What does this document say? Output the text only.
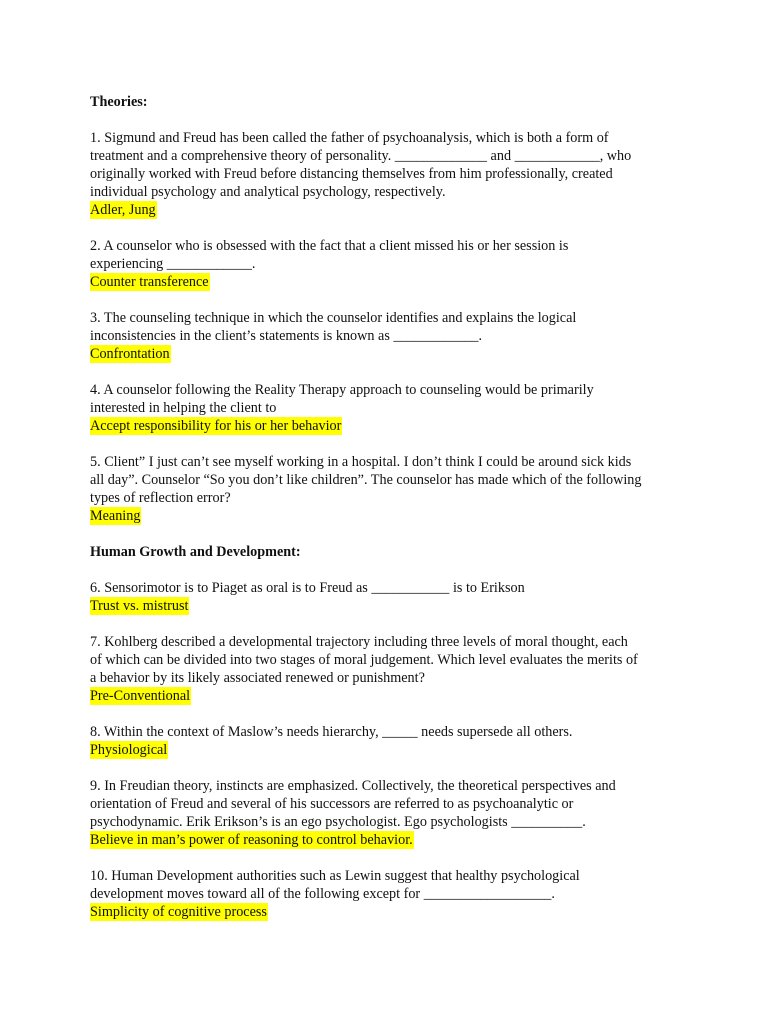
Theories:

1. Sigmund and Freud has been called the father of psychoanalysis, which is both a form of
treatment and a comprehensive theory of personality. _____________ and ____________, who
originally worked with Freud before distancing themselves from him professionally, created
individual psychology and analytical psychology, respectively.
Adler, Jung
2. A counselor who is obsessed with the fact that a client missed his or her session is
experiencing ____________.
Counter transference
3. The counseling technique in which the counselor identifies and explains the logical
inconsistencies in the client’s statements is known as ____________.
Confrontation
4. A counselor following the Reality Therapy approach to counseling would be primarily
interested in helping the client to
Accept responsibility for his or her behavior
5. Client” I just can’t see myself working in a hospital. I don’t think I could be around sick kids
all day”. Counselor “So you don’t like children”. The counselor has made which of the following
types of reflection error?
Meaning

Human Growth and Development:

6. Sensorimotor is to Piaget as oral is to Freud as ___________ is to Erikson
Trust vs. mistrust
7. Kohlberg described a developmental trajectory including three levels of moral thought, each
of which can be divided into two stages of moral judgement. Which level evaluates the merits of
a behavior by its likely associated renewed or punishment?
Pre-Conventional
8. Within the context of Maslow’s needs hierarchy, _____ needs supersede all others.
Physiological
9. In Freudian theory, instincts are emphasized. Collectively, the theoretical perspectives and
orientation of Freud and several of his successors are referred to as psychoanalytic or
psychodynamic. Erik Erikson’s is an ego psychologist. Ego psychologists __________.
Believe in man’s power of reasoning to control behavior.
10. Human Development authorities such as Lewin suggest that healthy psychological
development moves toward all of the following except for __________________.
Simplicity of cognitive process
